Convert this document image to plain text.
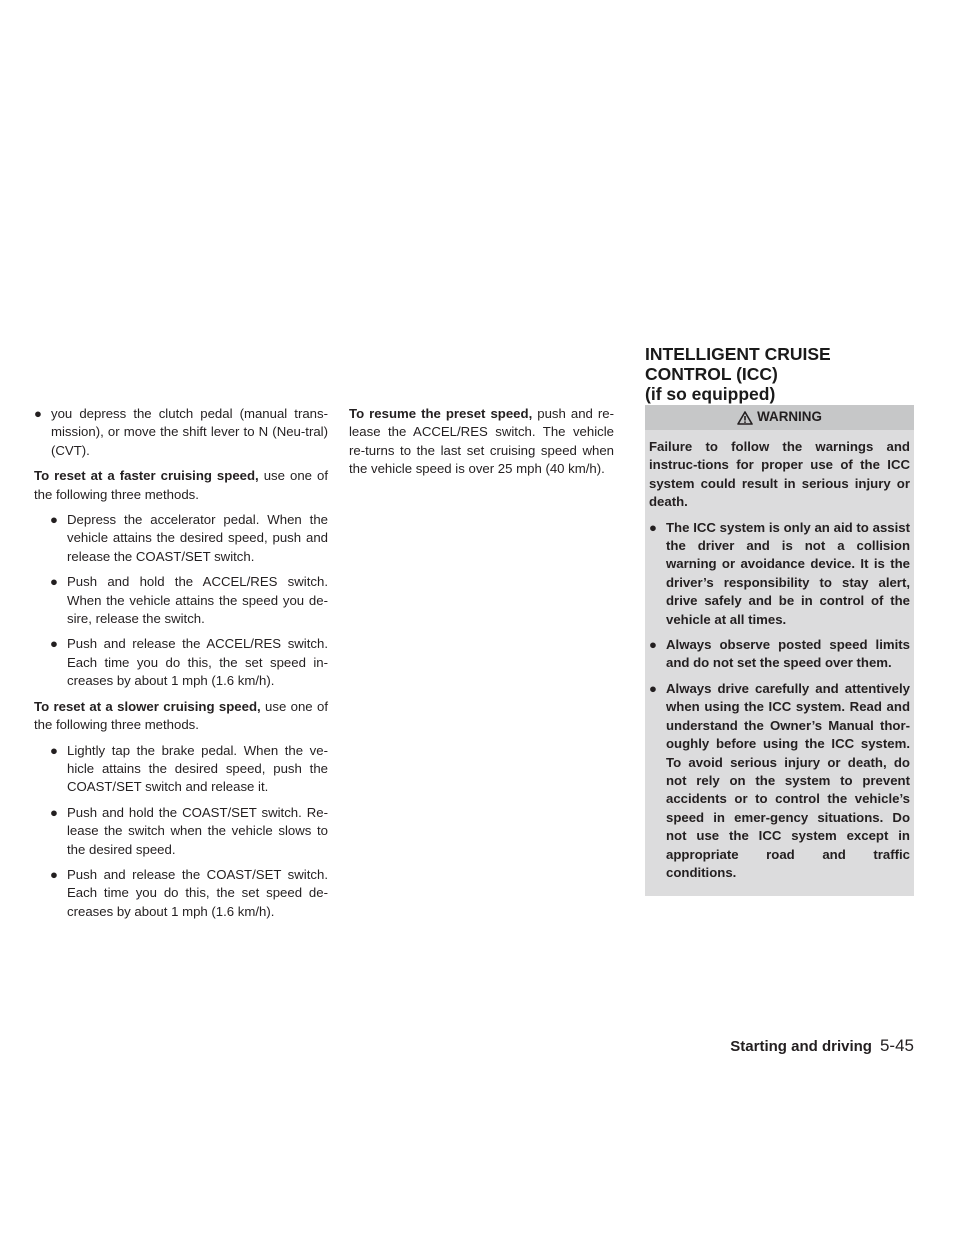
INTELLIGENT CRUISE CONTROL (ICC)
(if so equipped)
● you depress the clutch pedal (manual trans-mission), or move the shift lever to N (Neu-tral) (CVT).

To reset at a faster cruising speed, use one of the following three methods.

● Depress the accelerator pedal. When the vehicle attains the desired speed, push and release the COAST/SET switch.
● Push and hold the ACCEL/RES switch. When the vehicle attains the speed you de-sire, release the switch.
● Push and release the ACCEL/RES switch. Each time you do this, the set speed in-creases by about 1 mph (1.6 km/h).

To reset at a slower cruising speed, use one of the following three methods.

● Lightly tap the brake pedal. When the ve-hicle attains the desired speed, push the COAST/SET switch and release it.
● Push and hold the COAST/SET switch. Re-lease the switch when the vehicle slows to the desired speed.
● Push and release the COAST/SET switch. Each time you do this, the set speed de-creases by about 1 mph (1.6 km/h).

To resume the preset speed, push and re-lease the ACCEL/RES switch. The vehicle re-turns to the last set cruising speed when the vehicle speed is over 25 mph (40 km/h).

WARNING

Failure to follow the warnings and instruc-tions for proper use of the ICC system could result in serious injury or death.

● The ICC system is only an aid to assist the driver and is not a collision warning or avoidance device. It is the driver’s responsibility to stay alert, drive safely and be in control of the vehicle at all times.
● Always observe posted speed limits and do not set the speed over them.
● Always drive carefully and attentively when using the ICC system. Read and understand the Owner’s Manual thor-oughly before using the ICC system. To avoid serious injury or death, do not rely on the system to prevent accidents or to control the vehicle’s speed in emer-gency situations. Do not use the ICC system except in appropriate road and traffic conditions.
Starting and driving 5-45
